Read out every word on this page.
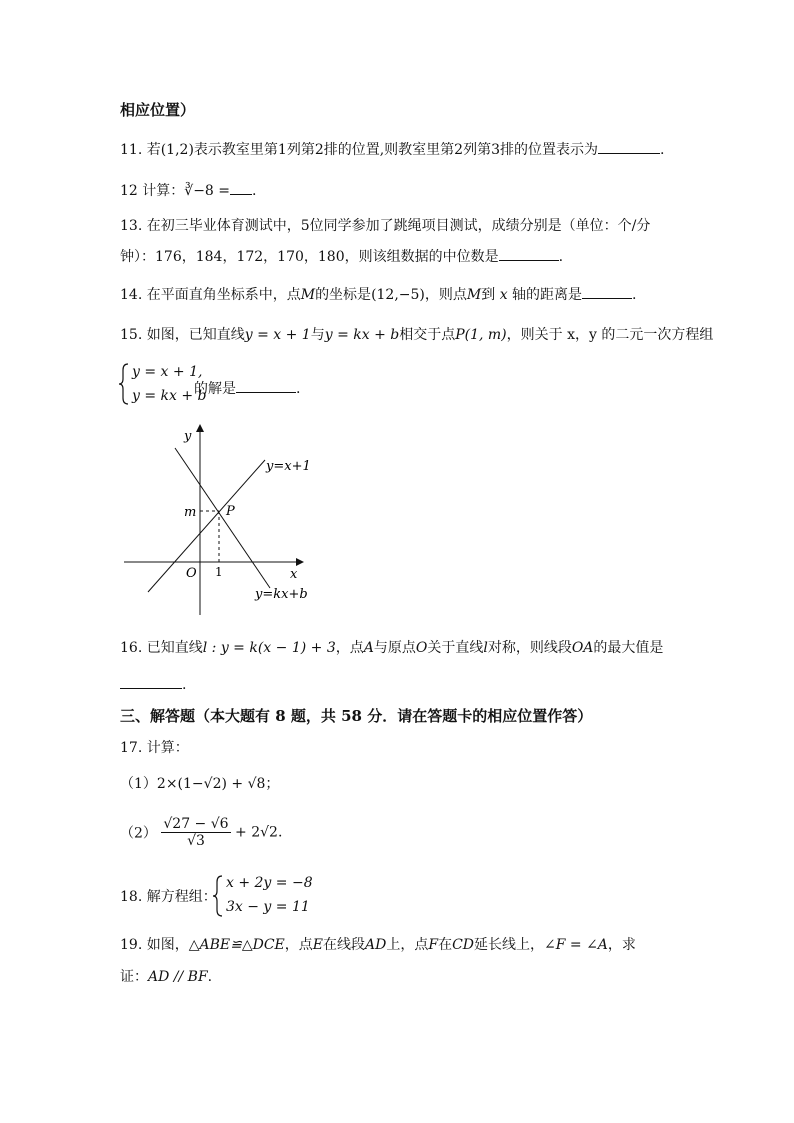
相应位置）
11. 若(1,2)表示教室里第1列第2排的位置,则教室里第2列第3排的位置表示为	.
12 计算：∛−8 = .
13. 在初三毕业体育测试中，5位同学参加了跳绳项目测试，成绩分别是（单位：个/分
钟）：176，184，172，170，180，则该组数据的中位数是	.
14. 在平面直角坐标系中，点M的坐标是(12,−5)，则点M到 x 轴的距离是	.
15. 如图，已知直线y = x + 1与y = kx + b相交于点P(1, m)，则关于 x，y 的二元一次方程组
y = x + 1,
y = kx + b
的解是	.
y
x
O 1
m P
y=x+1
y=kx+b
16. 已知直线l : y = k(x − 1) + 3，点A与原点O关于直线l对称，则线段OA的最大值是
.
三、解答题（本大题有 8 题，共 58 分．请在答题卡的相应位置作答）
17. 计算：
（1）2×(1−√2) + √8；
$(2) \frac{√27 - √6}{√3} + 2√2$.
18. 解方程组：
x + 2y = −8
3x − y = 11
19. 如图，△ABE≌△DCE，点E在线段AD上，点F在CD延长线上，∠F = ∠A，求
证：AD // BF.
